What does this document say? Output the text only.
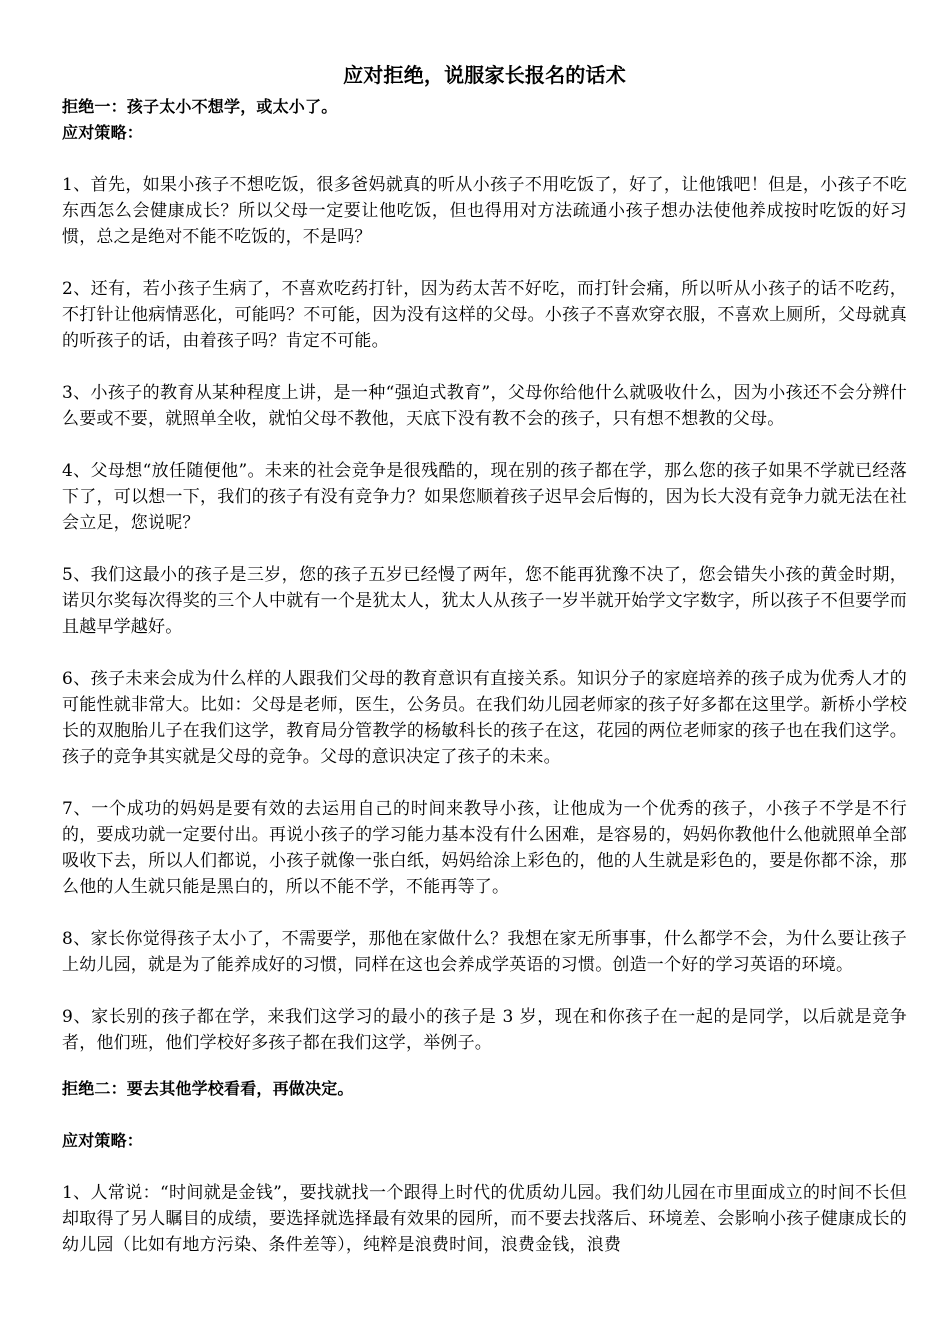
应对拒绝，说服家长报名的话术

拒绝一：孩子太小不想学，或太小了。

应对策略：

1、首先，如果小孩子不想吃饭，很多爸妈就真的听从小孩子不用吃饭了，好了，让他饿吧！但是，小孩子不吃东西怎么会健康成长？所以父母一定要让他吃饭，但也得用对方法疏通小孩子想办法使他养成按时吃饭的好习惯，总之是绝对不能不吃饭的，不是吗？

2、还有，若小孩子生病了，不喜欢吃药打针，因为药太苦不好吃，而打针会痛，所以听从小孩子的话不吃药，不打针让他病情恶化，可能吗？不可能，因为没有这样的父母。小孩子不喜欢穿衣服，不喜欢上厕所，父母就真的听孩子的话，由着孩子吗？肯定不可能。

3、小孩子的教育从某种程度上讲，是一种“强迫式教育”，父母你给他什么就吸收什么，因为小孩还不会分辨什么要或不要，就照单全收，就怕父母不教他，天底下没有教不会的孩子，只有想不想教的父母。

4、父母想“放任随便他”。未来的社会竞争是很残酷的，现在别的孩子都在学，那么您的孩子如果不学就已经落下了，可以想一下，我们的孩子有没有竞争力？如果您顺着孩子迟早会后悔的，因为长大没有竞争力就无法在社会立足，您说呢？

5、我们这最小的孩子是三岁，您的孩子五岁已经慢了两年，您不能再犹豫不决了，您会错失小孩的黄金时期，诺贝尔奖每次得奖的三个人中就有一个是犹太人，犹太人从孩子一岁半就开始学文字数字，所以孩子不但要学而且越早学越好。

6、孩子未来会成为什么样的人跟我们父母的教育意识有直接关系。知识分子的家庭培养的孩子成为优秀人才的可能性就非常大。比如：父母是老师，医生，公务员。在我们幼儿园老师家的孩子好多都在这里学。新桥小学校长的双胞胎儿子在我们这学，教育局分管教学的杨敏科长的孩子在这，花园的两位老师家的孩子也在我们这学。孩子的竞争其实就是父母的竞争。父母的意识决定了孩子的未来。

7、一个成功的妈妈是要有效的去运用自己的时间来教导小孩，让他成为一个优秀的孩子，小孩子不学是不行的，要成功就一定要付出。再说小孩子的学习能力基本没有什么困难，是容易的，妈妈你教他什么他就照单全部吸收下去，所以人们都说，小孩子就像一张白纸，妈妈给涂上彩色的，他的人生就是彩色的，要是你都不涂，那么他的人生就只能是黑白的，所以不能不学，不能再等了。

8、家长你觉得孩子太小了，不需要学，那他在家做什么？我想在家无所事事，什么都学不会，为什么要让孩子上幼儿园，就是为了能养成好的习惯，同样在这也会养成学英语的习惯。创造一个好的学习英语的环境。

9、家长别的孩子都在学，来我们这学习的最小的孩子是 3 岁，现在和你孩子在一起的是同学，以后就是竞争者，他们班，他们学校好多孩子都在我们这学，举例子。

拒绝二：要去其他学校看看，再做决定。

应对策略：

1、人常说：“时间就是金钱”，要找就找一个跟得上时代的优质幼儿园。我们幼儿园在市里面成立的时间不长但却取得了另人瞩目的成绩，要选择就选择最有效果的园所，而不要去找落后、环境差、会影响小孩子健康成长的幼儿园（比如有地方污染、条件差等），纯粹是浪费时间，浪费金钱，浪费
